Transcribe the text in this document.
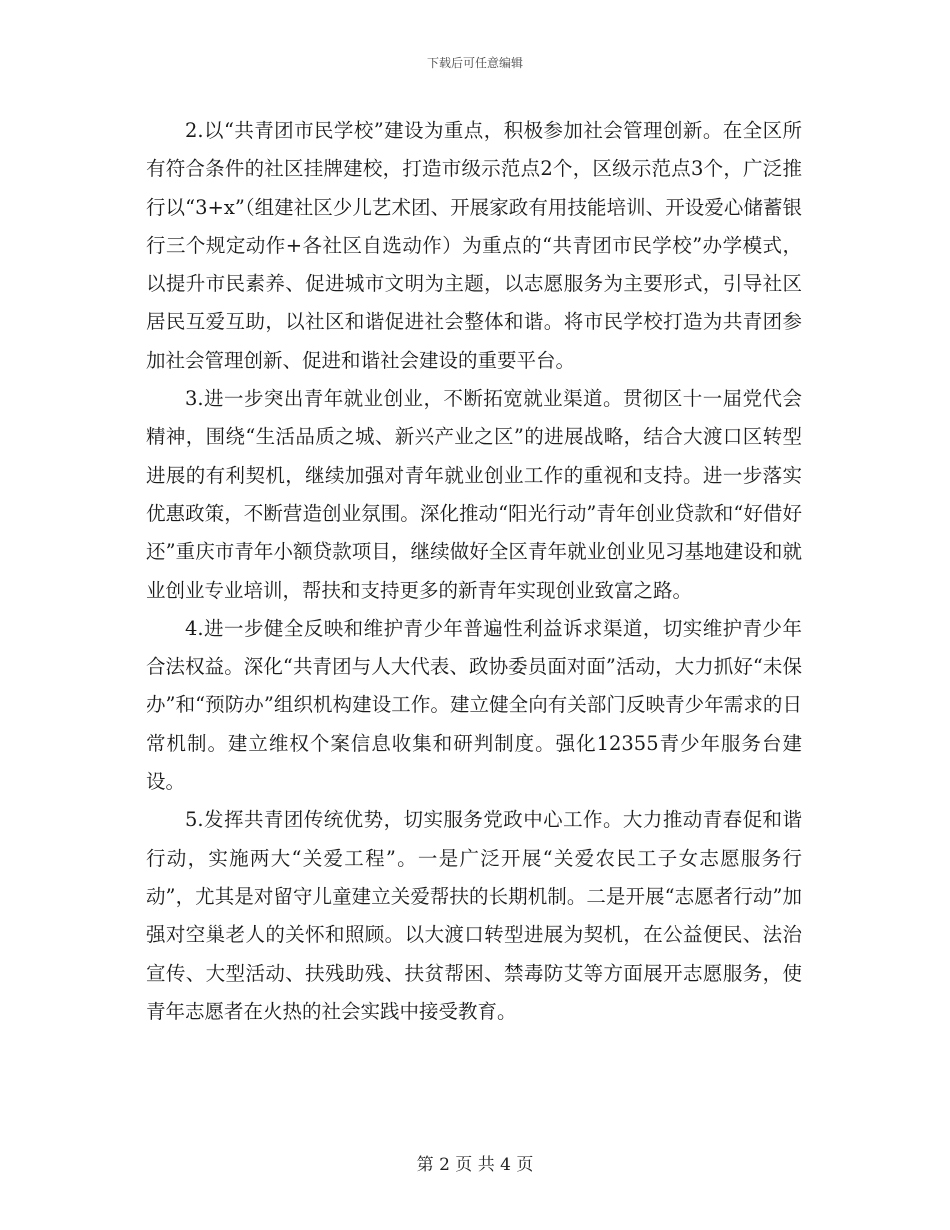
下载后可任意编辑

2.以“共青团市民学校”建设为重点，积极参加社会管理创新。在全区所有符合条件的社区挂牌建校，打造市级示范点2个，区级示范点3个，广泛推行以“3+x”（组建社区少儿艺术团、开展家政有用技能培训、开设爱心储蓄银行三个规定动作+各社区自选动作）为重点的“共青团市民学校”办学模式，以提升市民素养、促进城市文明为主题，以志愿服务为主要形式，引导社区居民互爱互助，以社区和谐促进社会整体和谐。将市民学校打造为共青团参加社会管理创新、促进和谐社会建设的重要平台。

3.进一步突出青年就业创业，不断拓宽就业渠道。贯彻区十一届党代会精神，围绕“生活品质之城、新兴产业之区”的进展战略，结合大渡口区转型进展的有利契机，继续加强对青年就业创业工作的重视和支持。进一步落实优惠政策，不断营造创业氛围。深化推动“阳光行动”青年创业贷款和“好借好还”重庆市青年小额贷款项目，继续做好全区青年就业创业见习基地建设和就业创业专业培训，帮扶和支持更多的新青年实现创业致富之路。

4.进一步健全反映和维护青少年普遍性利益诉求渠道，切实维护青少年合法权益。深化“共青团与人大代表、政协委员面对面”活动，大力抓好“未保办”和“预防办”组织机构建设工作。建立健全向有关部门反映青少年需求的日常机制。建立维权个案信息收集和研判制度。强化12355青少年服务台建设。

5.发挥共青团传统优势，切实服务党政中心工作。大力推动青春促和谐行动，实施两大“关爱工程”。一是广泛开展“关爱农民工子女志愿服务行动”，尤其是对留守儿童建立关爱帮扶的长期机制。二是开展“志愿者行动”加强对空巢老人的关怀和照顾。以大渡口转型进展为契机，在公益便民、法治宣传、大型活动、扶残助残、扶贫帮困、禁毒防艾等方面展开志愿服务，使青年志愿者在火热的社会实践中接受教育。

第 2 页 共 4 页
